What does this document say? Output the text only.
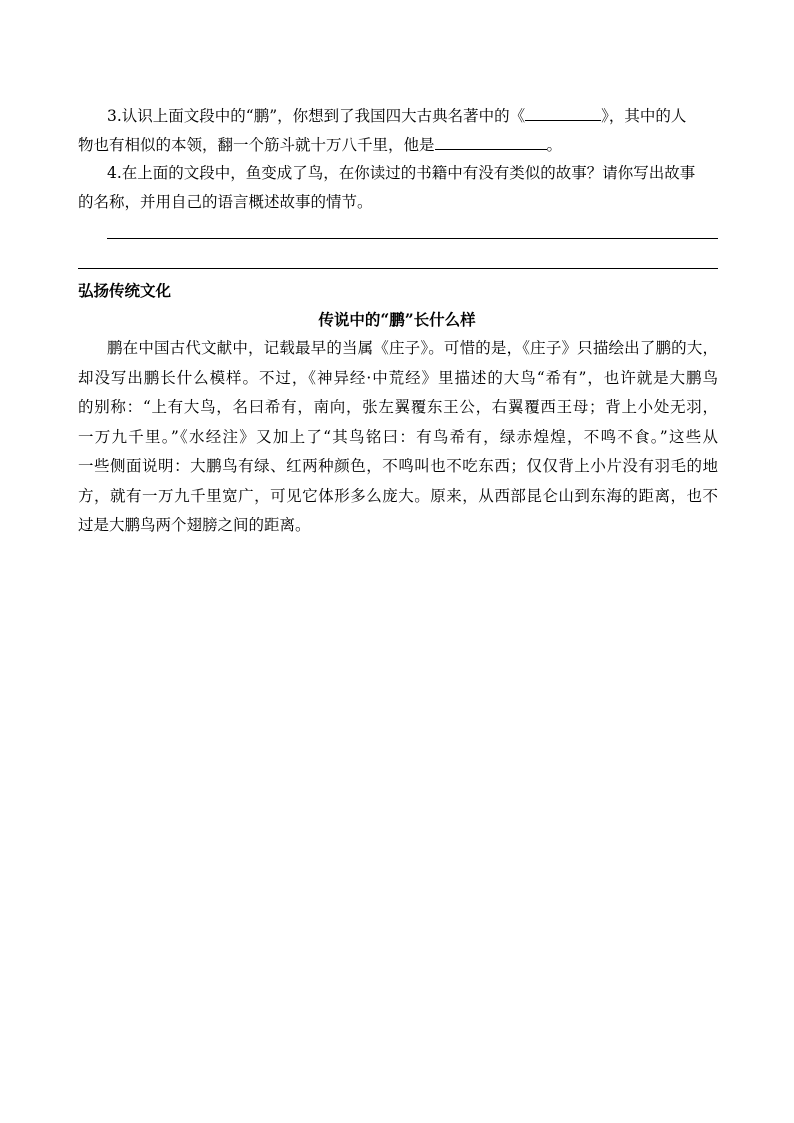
3.认识上面文段中的“鹏”，你想到了我国四大古典名著中的《	》，其中的人

物也有相似的本领，翻一个筋斗就十万八千里，他是	。

4.在上面的文段中，鱼变成了鸟，在你读过的书籍中有没有类似的故事？请你写出故事

的名称，并用自己的语言概述故事的情节。

弘扬传统文化

传说中的“鹏”长什么样

鹏在中国古代文献中，记载最早的当属《庄子》。可惜的是，《庄子》只描绘出了鹏的大，

却没写出鹏长什么模样。不过，《神异经·中荒经》里描述的大鸟“希有”，也许就是大鹏鸟

的别称：“上有大鸟，名曰希有，南向，张左翼覆东王公，右翼覆西王母；背上小处无羽，

一万九千里。”《水经注》又加上了“其鸟铭曰：有鸟希有，绿赤煌煌，不鸣不食。”这些从

一些侧面说明：大鹏鸟有绿、红两种颜色，不鸣叫也不吃东西；仅仅背上小片没有羽毛的地

方，就有一万九千里宽广，可见它体形多么庞大。原来，从西部昆仑山到东海的距离，也不

过是大鹏鸟两个翅膀之间的距离。
